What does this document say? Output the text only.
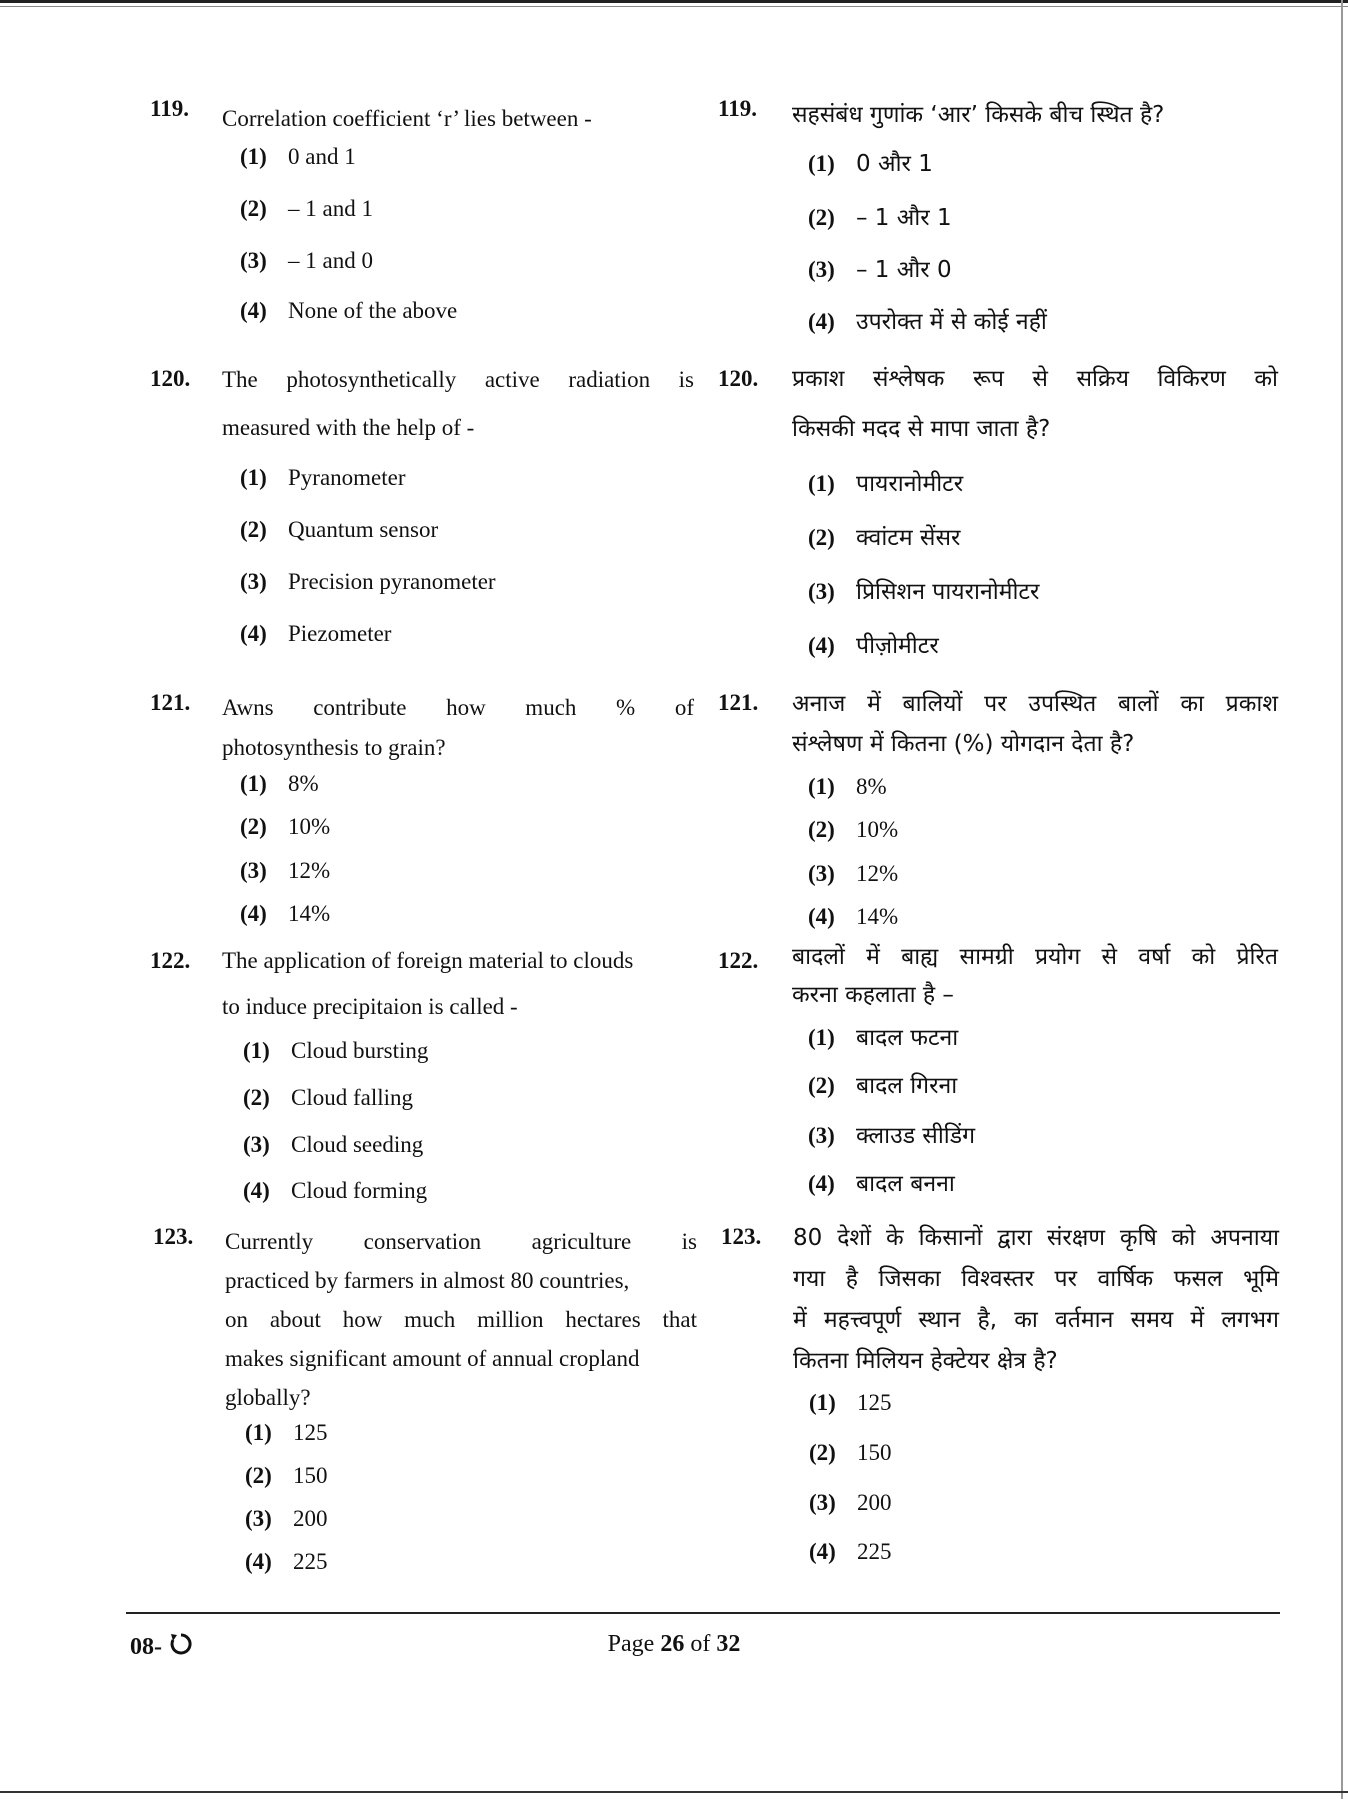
119. Correlation coefficient ‘r’ lies between -
(1) 0 and 1
(2) – 1 and 1
(3) – 1 and 0
(4) None of the above
120. The photosynthetically active radiation is
measured with the help of -
(1) Pyranometer
(2) Quantum sensor
(3) Precision pyranometer
(4) Piezometer
121. Awns contribute how much % of
photosynthesis to grain?
(1) 8%
(2) 10%
(3) 12%
(4) 14%
122. The application of foreign material to clouds
to induce precipitaion is called -
(1) Cloud bursting
(2) Cloud falling
(3) Cloud seeding
(4) Cloud forming
123. Currently conservation agriculture is
practiced by farmers in almost 80 countries,
on about how much million hectares that
makes significant amount of annual cropland
globally?
(1) 125
(2) 150
(3) 200
(4) 225
119. सहसंबंध गुणांक ‘आर’ किसके बीच स्थित है?
(1) 0 और 1
(2) – 1 और 1
(3) – 1 और 0
(4) उपरोक्त में से कोई नहीं
120. प्रकाश संश्लेषक रूप से सक्रिय विकिरण को
किसकी मदद से मापा जाता है?
(1) पायरानोमीटर
(2) क्वांटम सेंसर
(3) प्रिसिशन पायरानोमीटर
(4) पीज़ोमीटर
121. अनाज में बालियों पर उपस्थित बालों का प्रकाश
संश्लेषण में कितना (%) योगदान देता है?
(1) 8%
(2) 10%
(3) 12%
(4) 14%
122. बादलों में बाह्य सामग्री प्रयोग से वर्षा को प्रेरित
करना कहलाता है –
(1) बादल फटना
(2) बादल गिरना
(3) क्लाउड सीडिंग
(4) बादल बनना
123. 80 देशों के किसानों द्वारा संरक्षण कृषि को अपनाया
गया है जिसका विश्वस्तर पर वार्षिक फसल भूमि
में महत्त्वपूर्ण स्थान है, का वर्तमान समय में लगभग
कितना मिलियन हेक्टेयर क्षेत्र है?
(1) 125
(2) 150
(3) 200
(4) 225
08-	Page 26 of 32
